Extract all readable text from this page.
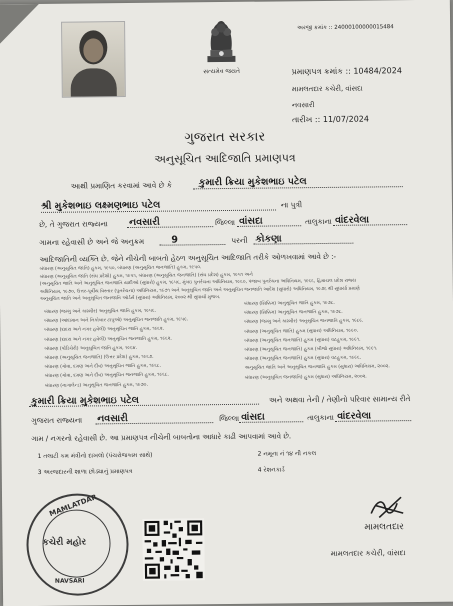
સત્યમેવ જયતે
અરજી ક્રમાંક :: 24000100000015484
પ્રમાણપત્ર ક્રમાંક :: 10484/2024
મામલતદાર કચેરી, વાંસદા
નવસારી
તારીખ :: 11/07/2024
ગુજરાત સરકાર
અનુસૂચિત આદિજાતિ પ્રમાણપત્ર
આથી પ્રમાણિત કરવામાં આવે છે કે	કુમારી ક્રિયા મુકેશભાઇ પટેલ
શ્રી મુકેશભાઇ લક્ષ્મણભાઇ પટેલ	ના પુત્રી
છે, તે ગુજરાત રાજ્યના નવસારી	જિલ્લા વાંસદા	તાલુકાના વાંદરવેલા
ગામના રહેવાસી છે અને જે અનુક્રમ	9	પરની કોકણા
આદિજાતિની વ્યક્તિ છે. જેને નીચેની બાબતો હેઠળ અનુસૂચિત આદિજાતિ તરીકે ઓળખવામાં આવે છે :-
બંધારણ (અનુસૂચિત જાતિ) હુકમ, ૧૯૫૦, બંધારણ (અનુસૂચિત જનજાતિ) હુકમ, ૧૯૫૦.
બંધારણ (અનુસૂચિત જાતિ (સંઘ પ્રદેશો) હુકમ, ૧૯૫૧, બંધારણ (અનુસૂચિત જનજાતિ) (સંઘ પ્રદેશ) હુકમ, ૧૯૫૧ અને
(અનુસૂચિત જાતિ અને અનુસૂચિત જનજાતિ યાદીઓ (સુધારો) હુકમ, ૧૯૫૬, મુંબઇ પુનર્રચના અધિનિયમ, ૧૯૬૦, પંજાબ પુનર્રચના અધિનિયમ, ૧૯૬૬, હિમાચલ પ્રદેશ રાજ્ય
અધિનિયમ, ૧૯૭૦, ઉત્તર-પૂર્વીય વિસ્તાર (પુનર્રચના) અધિનિયમ, ૧૯૭૧ અને અનુસૂચિત જાતિ અને અનુસૂચિત જનજાતિ આદેશ (સુધારો) અધિનિયમ, ૧૯૭૬ થી સુધાર્યા પ્રમાણે
અનુસૂચિત જાતિ અને અનુસૂચિત જનજાતિ ઓર્ડર્સ (સુધારા) અધિનિયમ, ૨૦૦૨ થી સુધાર્યા મુજબ.
બંધારણ (જમ્મુ અને કાશ્મીર) અનુસૂચિત જાતિ હુકમ, ૧૯૫૬.
બંધારણ (આંદામાન અને નિકોબાર ટાપુઓ) અનુસૂચિત જનજાતિ હુકમ, ૧૯૫૯.
બંધારણ (દાદરા અને નગર હવેલી) અનુસૂચિત જાતિ હુકમ, ૧૯૬૨.
બંધારણ (દાદરા અને નગર હવેલી) અનુસૂચિત જનજાતિ હુકમ, ૧૯૬૨.
બંધારણ (પોંડિચેરી) અનુસૂચિત જાતિ હુકમ, ૧૯૬૪.
બંધારણ (અનુસૂચિત જનજાતિ) (ઉત્તર પ્રદેશ) હુકમ, ૧૯૬૭.
બંધારણ (ગોવા, દમણ અને દીવ) અનુસૂચિત જાતિ હુકમ, ૧૯૬૮.
બંધારણ (ગોવા, દમણ અને દીવ) અનુસૂચિત જનજાતિ હુકમ, ૧૯૬૮.
બંધારણ (નાગાલેન્ડ) અનુસૂચિત જનજાતિ હુકમ, ૧૯૭૦.
બંધારણ (સિક્કિમ) અનુસૂચિત જાતિ હુકમ, ૧૯૭૮.
બંધારણ (સિક્કિમ) અનુસૂચિત જનજાતિ હુકમ, ૧૯૭૮.
બંધારણ (જમ્મુ અને કાશ્મીર) અનુસૂચિત જનજાતિ હુકમ, ૧૯૮૯.
બંધારણ (અનુસૂચિત જાતિ) હુકમ (સુધારા) અધિનિયમ, ૧૯૯૦.
બંધારણ (અનુસૂચિત જનજાતિ) હુકમ (સુધારા) વટહુકમ, ૧૯૯૧.
બંધારણ (અનુસૂચિત જનજાતિ) હુકમ (બીજો સુધારા) અધિનિયમ, ૧૯૯૧.
બંધારણ (અનુસૂચિત જનજાતિ) હુકમ (સુધારા) વટહુકમ, ૧૯૯૬.
અનુસૂચિત જાતિ અને અનુસૂચિત જનજાતિ હુકમ (સુધારા) અધિનિયમ, ૨૦૦૨.
બંધારણ (અનુસૂચિત જનજાતિ) હુકમ (સુધારા) અધિનિયમ, ૨૦૦૨.
કુમારી ક્રિયા મુકેશભાઇ પટેલ	અને અથવા તેની / તેણીનો પરિવાર સામાન્ય રીતે
ગુજરાત રાજ્યના નવસારી	જિલ્લા વાંસદા	તાલુકાના વાંદરવેલા
ગામ / નગરનો રહેવાસી છે. આ પ્રમાણપત્ર નીચેની બાબતોના આધારે કાઢી આપવામાં આવે છે.
1 તલાટી કમ મંત્રીનો દાખલો (પંચરોજકામ સાથે)	2 નમૂના નં ૧૪ ની નકલ
3 અરજદારની શાળા છોડ્યાનું પ્રમાણપત્ર	4 રેશનકાર્ડ
MAMLATDAR
કચેરી મહોર
NAVSARI
મામલતદાર
મામલતદાર કચેરી, વાંસદા
